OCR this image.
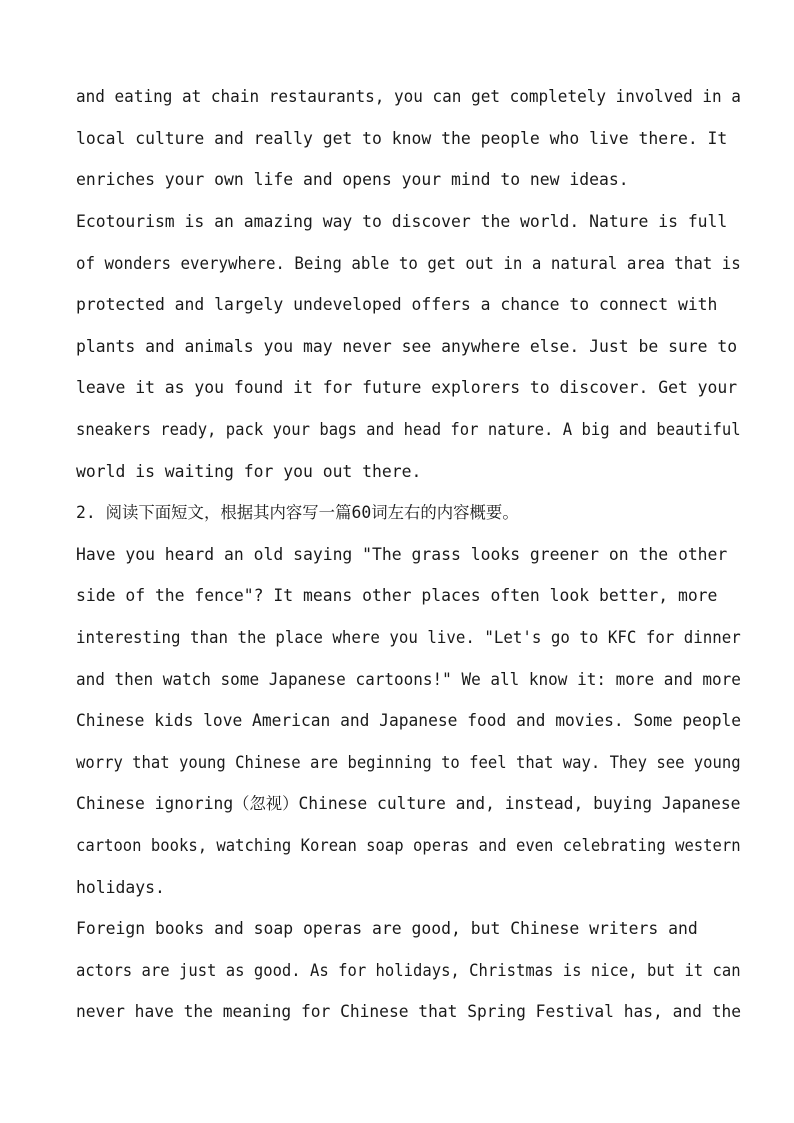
and eating at chain restaurants, you can get completely involved in a
local culture and really get to know the people who live there. It
enriches your own life and opens your mind to new ideas.
Ecotourism is an amazing way to discover the world. Nature is full
of wonders everywhere. Being able to get out in a natural area that is
protected and largely undeveloped offers a chance to connect with
plants and animals you may never see anywhere else. Just be sure to
leave it as you found it for future explorers to discover. Get your
sneakers ready, pack your bags and head for nature. A big and beautiful
world is waiting for you out there.
2. 阅读下面短文，根据其内容写一篇60词左右的内容概要。
Have you heard an old saying "The grass looks greener on the other
side of the fence"? It means other places often look better, more
interesting than the place where you live. "Let's go to KFC for dinner
and then watch some Japanese cartoons!" We all know it: more and more
Chinese kids love American and Japanese food and movies. Some people
worry that young Chinese are beginning to feel that way. They see young
Chinese ignoring（忽视）Chinese culture and, instead, buying Japanese
cartoon books, watching Korean soap operas and even celebrating western
holidays.
Foreign books and soap operas are good, but Chinese writers and
actors are just as good. As for holidays, Christmas is nice, but it can
never have the meaning for Chinese that Spring Festival has, and the
